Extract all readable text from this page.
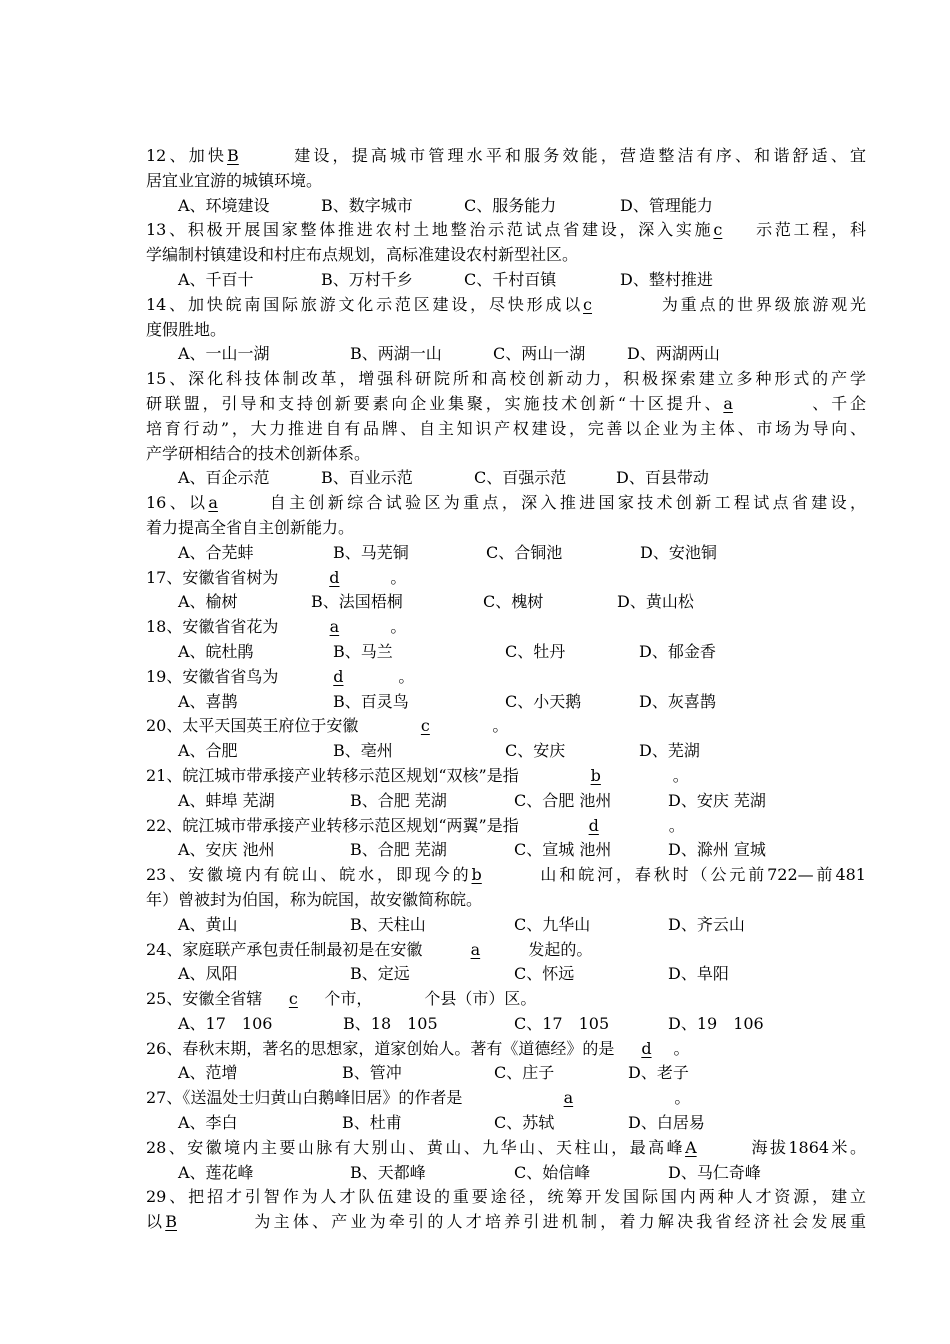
12、加快B	建设，提高城市管理水平和服务效能，营造整洁有序、和谐舒适、宜
居宜业宜游的城镇环境。
A、环境建设	B、数字城市	C、服务能力	D、管理能力
13、积极开展国家整体推进农村土地整治示范试点省建设，深入实施c 示范工程，科
学编制村镇建设和村庄布点规划，高标准建设农村新型社区。
A、千百十	B、万村千乡	C、千村百镇	D、整村推进
14、加快皖南国际旅游文化示范区建设，尽快形成以c	为重点的世界级旅游观光
度假胜地。
A、一山一湖	B、两湖一山	C、两山一湖	D、两湖两山
15、深化科技体制改革，增强科研院所和高校创新动力，积极探索建立多种形式的产学
研联盟，引导和支持创新要素向企业集聚，实施技术创新“十区提升、a	、千企
培育行动”，大力推进自有品牌、自主知识产权建设，完善以企业为主体、市场为导向、
产学研相结合的技术创新体系。
A、百企示范	B、百业示范	C、百强示范	D、百县带动
16、以a	自主创新综合试验区为重点，深入推进国家技术创新工程试点省建设，
着力提高全省自主创新能力。
A、合芜蚌	B、马芜铜	C、合铜池	D、安池铜
17、安徽省省树为	d	。
A、榆树	B、法国梧桐	C、槐树	D、黄山松
18、安徽省省花为	a	。
A、皖杜鹃	B、马兰	C、牡丹	D、郁金香
19、安徽省省鸟为	d	。
A、喜鹊	B、百灵鸟	C、小天鹅	D、灰喜鹊
20、太平天国英王府位于安徽	c	。
A、合肥	B、亳州	C、安庆	D、芜湖
21、皖江城市带承接产业转移示范区规划“双核”是指	b	。
A、蚌埠 芜湖	B、合肥 芜湖	C、合肥 池州	D、安庆 芜湖
22、皖江城市带承接产业转移示范区规划“两翼”是指	d	。
A、安庆 池州	B、合肥 芜湖	C、宣城 池州	D、滁州 宣城
23、安徽境内有皖山、皖水，即现今的b	山和皖河，春秋时（公元前722—前481
年）曾被封为伯国，称为皖国，故安徽简称皖。
A、黄山	B、天柱山	C、九华山	D、齐云山
24、家庭联产承包责任制最初是在安徽	a	发起的。
A、凤阳	B、定远	C、怀远	D、阜阳
25、安徽全省辖 c 个市，	个县（市）区。
A、17　106	B、18　105	C、17　105	D、19　106
26、春秋末期，著名的思想家，道家创始人。著有《道德经》的是 d 。
A、范增	B、管冲	C、庄子	D、老子
27、《送温处士归黄山白鹅峰旧居》的作者是	a	。
A、李白	B、杜甫	C、苏轼	D、白居易
28、安徽境内主要山脉有大别山、黄山、九华山、天柱山，最高峰A	海拔1864米。
A、莲花峰	B、天都峰	C、始信峰	D、马仁奇峰
29、把招才引智作为人才队伍建设的重要途径，统筹开发国际国内两种人才资源，建立
以B	为主体、产业为牵引的人才培养引进机制，着力解决我省经济社会发展重
